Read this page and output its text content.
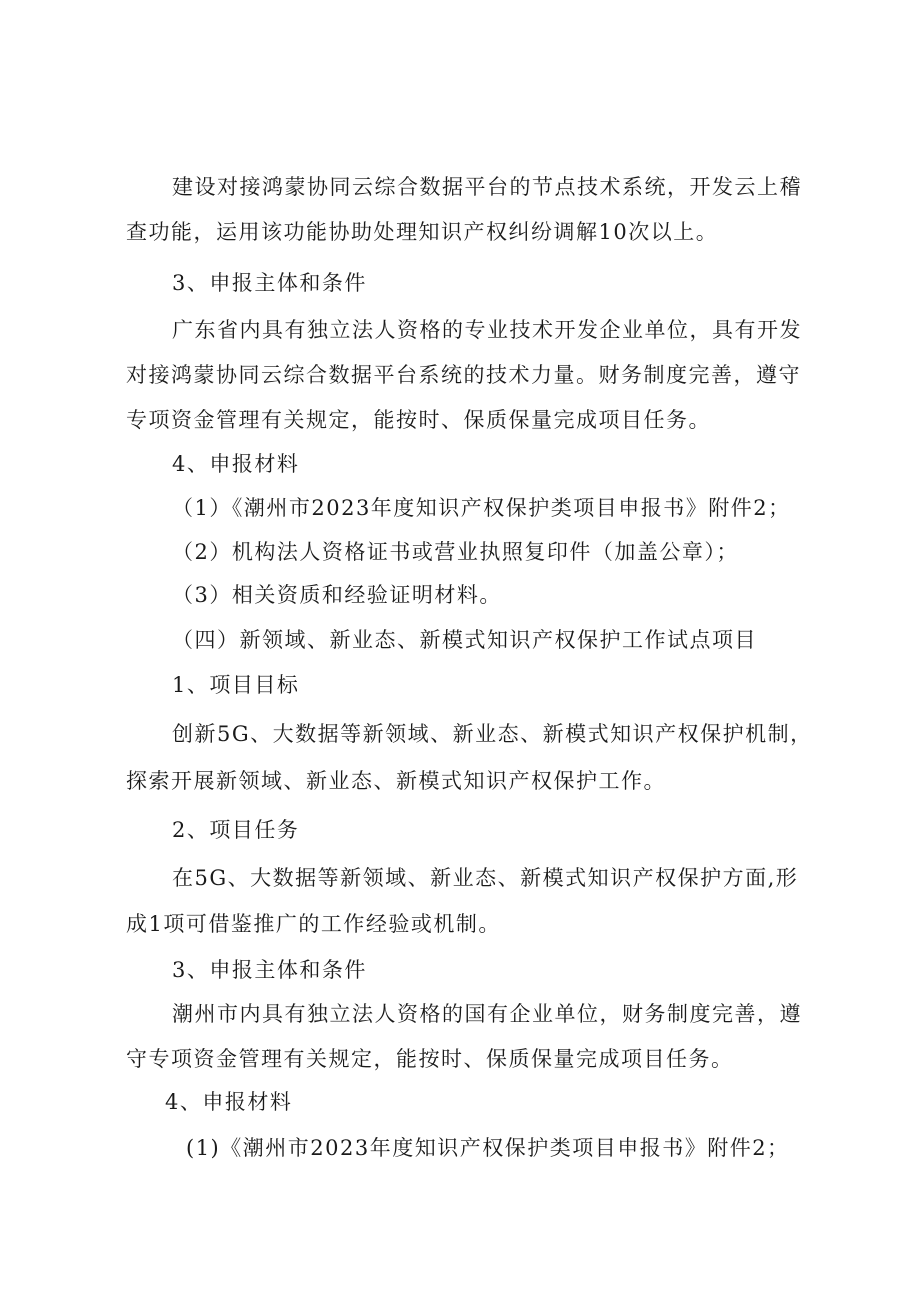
建设对接鸿蒙协同云综合数据平台的节点技术系统，开发云上稽
查功能，运用该功能协助处理知识产权纠纷调解10次以上。
3、申报主体和条件
广东省内具有独立法人资格的专业技术开发企业单位，具有开发
对接鸿蒙协同云综合数据平台系统的技术力量。财务制度完善，遵守
专项资金管理有关规定，能按时、保质保量完成项目任务。
4、申报材料
（1）《潮州市2023年度知识产权保护类项目申报书》附件2；
（2）机构法人资格证书或营业执照复印件（加盖公章）；
（3）相关资质和经验证明材料。
（四）新领域、新业态、新模式知识产权保护工作试点项目
1、项目目标
创新5G、大数据等新领域、新业态、新模式知识产权保护机制，
探索开展新领域、新业态、新模式知识产权保护工作。
2、项目任务
在5G、大数据等新领域、新业态、新模式知识产权保护方面,形
成1项可借鉴推广的工作经验或机制。
3、申报主体和条件
潮州市内具有独立法人资格的国有企业单位，财务制度完善，遵
守专项资金管理有关规定，能按时、保质保量完成项目任务。
4、申报材料
(1)《潮州市2023年度知识产权保护类项目申报书》附件2；
